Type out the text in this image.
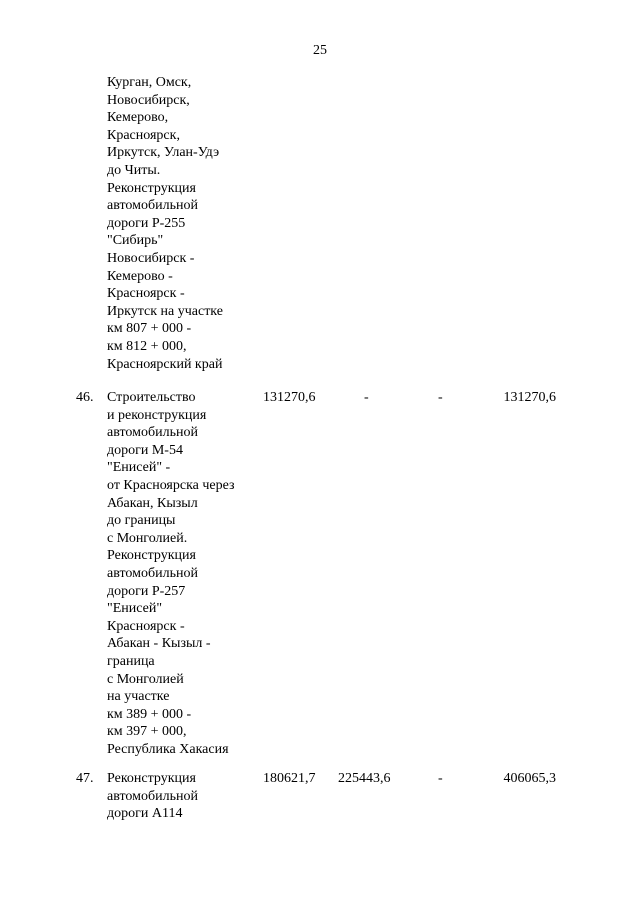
25
Курган, Омск,
Новосибирск,
Кемерово,
Красноярск,
Иркутск, Улан-Удэ
до Читы.
Реконструкция
автомобильной
дороги Р-255
"Сибирь"
Новосибирск -
Кемерово -
Красноярск -
Иркутск на участке
км 807 + 000 -
км 812 + 000,
Красноярский край
46. Строительство
и реконструкция
автомобильной
дороги М-54
"Енисей" -
от Красноярска через
Абакан, Кызыл
до границы
с Монголией.
Реконструкция
автомобильной
дороги Р-257
"Енисей"
Красноярск -
Абакан - Кызыл -
граница
с Монголией
на участке
км 389 + 000 -
км 397 + 000,
Республика Хакасия
131270,6	-	-	131270,6
47. Реконструкция
автомобильной
дороги А114
180621,7 225443,6	-	406065,3
